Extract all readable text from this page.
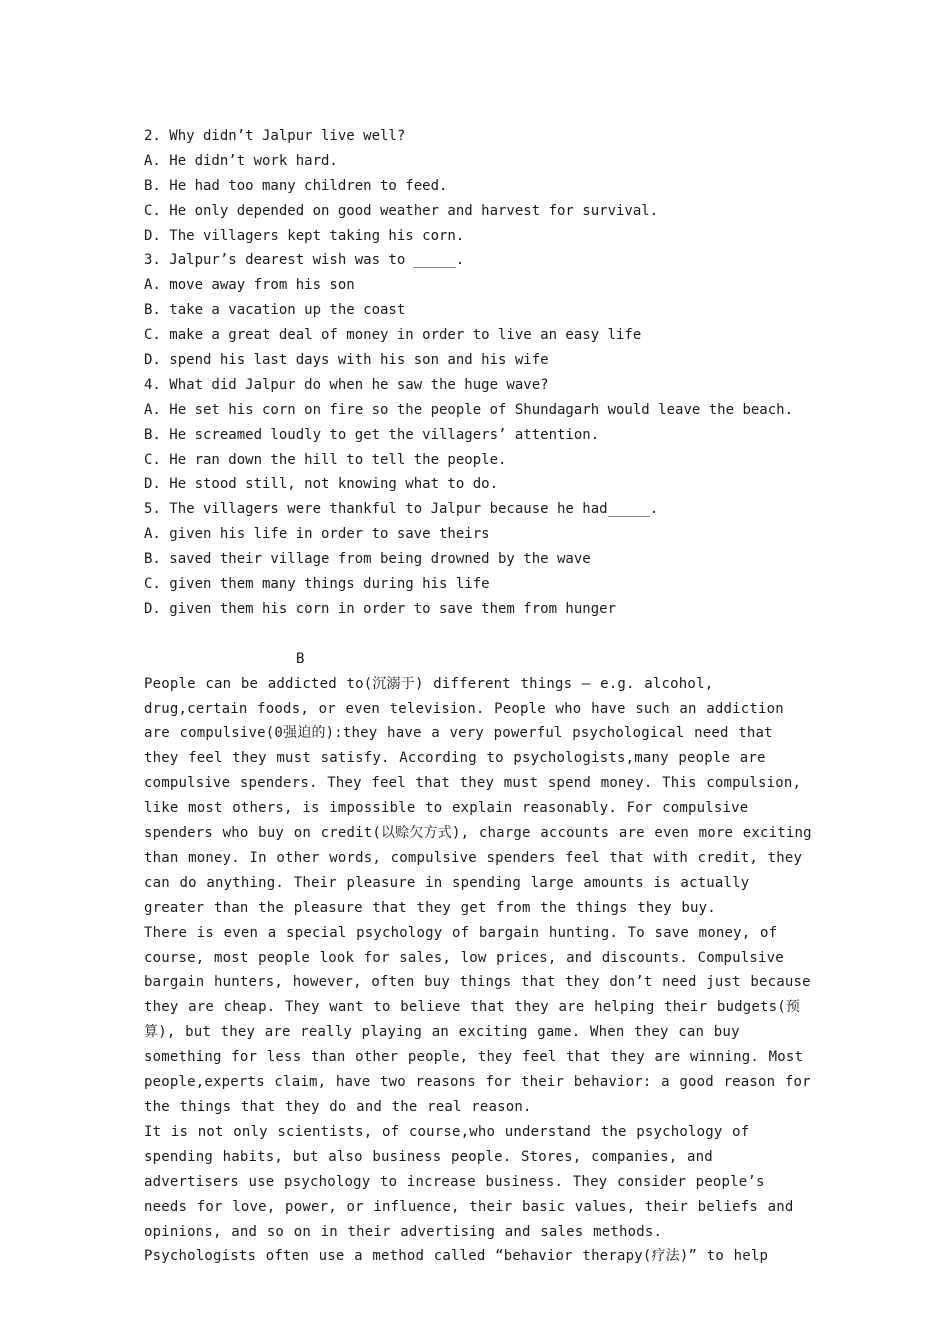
2. Why didn’t Jalpur live well?
A. He didn’t work hard.
B. He had too many children to feed.
C. He only depended on good weather and harvest for survival.
D. The villagers kept taking his corn.
3. Jalpur’s dearest wish was to _____.
A. move away from his son
B. take a vacation up the coast
C. make a great deal of money in order to live an easy life
D. spend his last days with his son and his wife
4. What did Jalpur do when he saw the huge wave?
A. He set his corn on fire so the people of Shundagarh would leave the beach.
B. He screamed loudly to get the villagers’ attention.
C. He ran down the hill to tell the people.
D. He stood still, not knowing what to do.
5. The villagers were thankful to Jalpur because he had_____.
A. given his life in order to save theirs
B. saved their village from being drowned by the wave
C. given them many things during his life
D. given them his corn in order to save them from hunger
B

People can be addicted to(沉溺于) different things — e.g. alcohol, drug,certain foods, or even television. People who have such an addiction are compulsive(0强迫的):they have a very powerful psychological need that they feel they must satisfy. According to psychologists,many people are compulsive spenders. They feel that they must spend money. This compulsion, like most others, is impossible to explain reasonably. For compulsive spenders who buy on credit(以赊欠方式), charge accounts are even more exciting than money. In other words, compulsive spenders feel that with credit, they can do anything. Their pleasure in spending large amounts is actually greater than the pleasure that they get from the things they buy.

There is even a special psychology of bargain hunting. To save money, of course, most people look for sales, low prices, and discounts. Compulsive bargain hunters, however, often buy things that they don’t need just because they are cheap. They want to believe that they are helping their budgets(预算), but they are really playing an exciting game. When they can buy something for less than other people, they feel that they are winning. Most people,experts claim, have two reasons for their behavior: a good reason for the things that they do and the real reason.

It is not only scientists, of course,who understand the psychology of spending habits, but also business people. Stores, companies, and advertisers use psychology to increase business. They consider people’s needs for love, power, or influence, their basic values, their beliefs and opinions, and so on in their advertising and sales methods.

Psychologists often use a method called “behavior therapy(疗法)” to help
